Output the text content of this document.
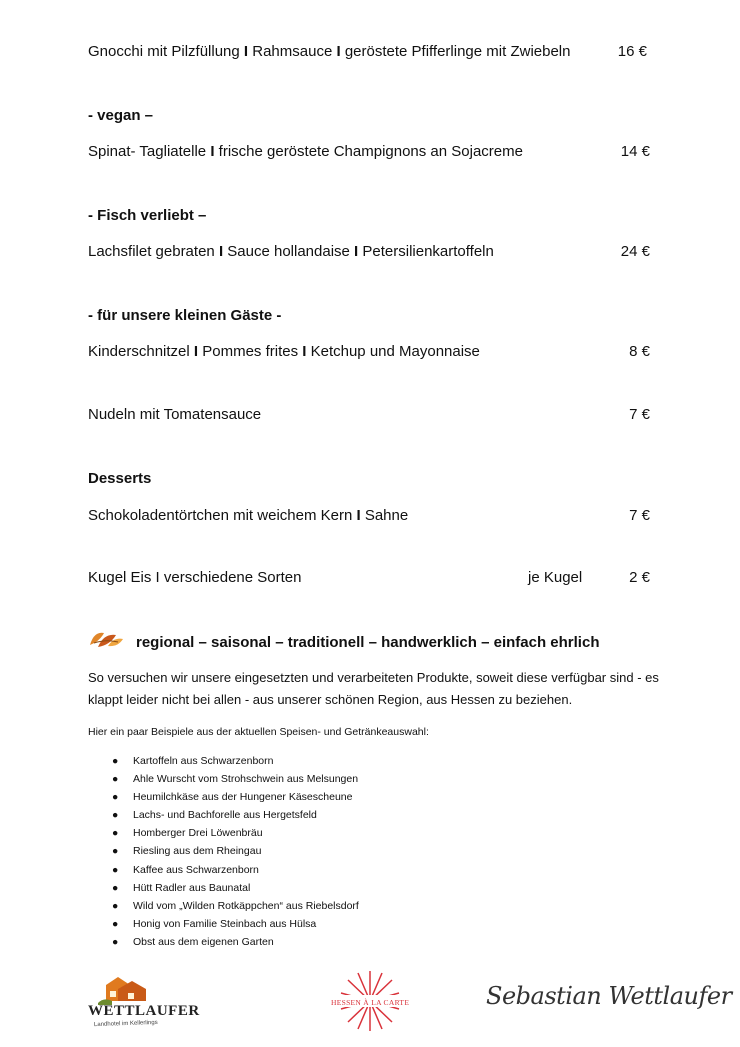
Gnocchi mit Pilzfüllung I Rahmsauce I geröstete Pfifferlinge mit Zwiebeln	16 €
- vegan –
Spinat- Tagliatelle I frische geröstete Champignons an Sojacreme	14 €
- Fisch verliebt –
Lachsfilet gebraten I Sauce hollandaise I Petersilienkartoffeln	24 €
- für unsere kleinen Gäste -
Kinderschnitzel I Pommes frites I Ketchup und Mayonnaise	8 €
Nudeln mit Tomatensauce	7 €
Desserts
Schokoladentörtchen mit weichem Kern I Sahne	7 €
Kugel Eis I verschiedene Sorten	je Kugel	2 €
regional – saisonal – traditionell – handwerklich – einfach ehrlich
So versuchen wir unsere eingesetzten und verarbeiteten Produkte, soweit diese verfügbar sind - es klappt leider nicht bei allen - aus unserer schönen Region, aus Hessen zu beziehen.
Hier ein paar Beispiele aus der aktuellen Speisen- und Getränkeauswahl:
● Kartoffeln aus Schwarzenborn
● Ahle Wurscht vom Strohschwein aus Melsungen
● Heumilchkäse aus der Hungener Käsescheune
● Lachs- und Bachforelle aus Hergetsfeld
● Homberger Drei Löwenbräu
● Riesling aus dem Rheingau
● Kaffee aus Schwarzenborn
● Hütt Radler aus Baunatal
● Wild vom „Wilden Rotkäppchen“ aus Riebelsdorf
● Honig von Familie Steinbach aus Hülsa
● Obst aus dem eigenen Garten
WETTLAUFER
Landhotel im Kellerlings
HESSEN À LA CARTE	Sebastian Wettlaufer
